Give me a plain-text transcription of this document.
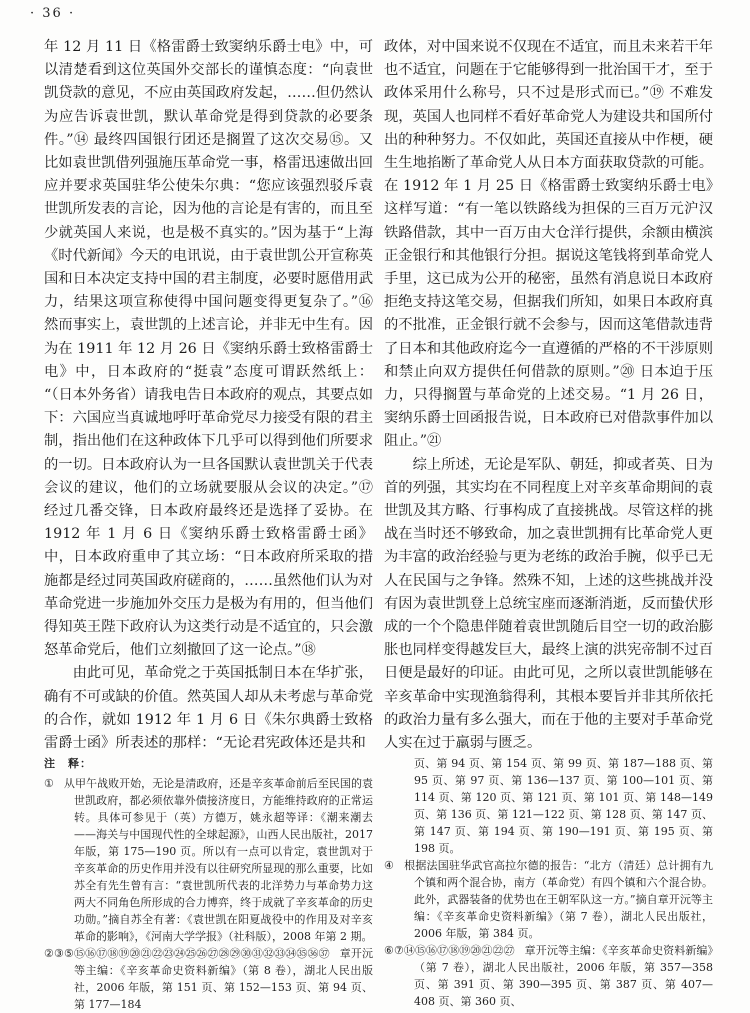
· 36 ·

年 12 月 11 日《格雷爵士致窦纳乐爵士电》中，可以清楚看到这位英国外交部长的谨慎态度：“向袁世凯贷款的意见，不应由英国政府发起，……但仍然认为应告诉袁世凯，默认革命党是得到贷款的必要条件。”⑭ 最终四国银行团还是搁置了这次交易⑮。又比如袁世凯借列强施压革命党一事，格雷迅速做出回应并要求英国驻华公使朱尔典：“您应该强烈驳斥袁世凯所发表的言论，因为他的言论是有害的，而且至少就英国人来说，也是极不真实的。”因为基于“上海《时代新闻》今天的电讯说，由于袁世凯公开宣称英国和日本决定支持中国的君主制度，必要时愿借用武力，结果这项宣称使得中国问题变得更复杂了。”⑯ 然而事实上，袁世凯的上述言论，并非无中生有。因为在 1911 年 12 月 26 日《窦纳乐爵士致格雷爵士电》中，日本政府的“挺袁”态度可谓跃然纸上：“（日本外务省）请我电告日本政府的观点，其要点如下：六国应当真诚地呼吁革命党尽力接受有限的君主制，指出他们在这种政体下几乎可以得到他们所要求的一切。日本政府认为一旦各国默认袁世凯关于代表会议的建议，他们的立场就要服从会议的决定。”⑰ 经过几番交锋，日本政府最终还是选择了妥协。在 1912 年 1 月 6 日《窦纳乐爵士致格雷爵士函》中，日本政府重申了其立场：“日本政府所采取的措施都是经过同英国政府磋商的，……虽然他们认为对革命党进一步施加外交压力是极为有用的，但当他们得知英王陛下政府认为这类行动是不适宜的，只会激怒革命党后，他们立刻撤回了这一论点。”⑱

由此可见，革命党之于英国抵制日本在华扩张，确有不可或缺的价值。然英国人却从未考虑与革命党的合作，就如 1912 年 1 月 6 日《朱尔典爵士致格雷爵士函》所表述的那样：“无论君宪政体还是共和

注　释：

① 从甲午战败开始，无论是清政府，还是辛亥革命前后至民国的袁世凯政府，都必须依靠外债接济度日，方能维持政府的正常运转。具体可参见于（英）方德万，姚永超等译：《潮来潮去——海关与中国现代性的全球起源》，山西人民出版社，2017 年版，第 175—190 页。所以有一点可以肯定，袁世凯对于辛亥革命的历史作用并没有以往研究所显现的那么重要，比如苏全有先生曾有言：“袁世凯所代表的北洋势力与革命势力这两大不同角色所形成的合力博弈，终于成就了辛亥革命的历史功勋。”摘自苏全有著：《袁世凯在阳夏战役中的作用及对辛亥革命的影响》，《河南大学学报》（社科版），2008 年第 2 期。

②③⑤⑮⑯⑰⑱⑲⑳㉑㉒㉓㉔㉕㉖㉗㉘㉙㉚㉛㉜㉝㉞㉟㊱㊲ 章开沅等主编：《辛亥革命史资料新编》（第 8 卷），湖北人民出版社，2006 年版，第 151 页、第 152—153 页、第 94 页、第 177—184

政体，对中国来说不仅现在不适宜，而且未来若干年也不适宜，问题在于它能够得到一批治国干才，至于政体采用什么称号，只不过是形式而已。”⑲ 不难发现，英国人也同样不看好革命党人为建设共和国所付出的种种努力。不仅如此，英国还直接从中作梗，硬生生地掐断了革命党人从日本方面获取贷款的可能。在 1912 年 1 月 25 日《格雷爵士致窦纳乐爵士电》这样写道：“有一笔以铁路线为担保的三百万元沪汉铁路借款，其中一百万由大仓洋行提供，余额由横滨正金银行和其他银行分担。据说这笔钱将到革命党人手里，这已成为公开的秘密，虽然有消息说日本政府拒绝支持这笔交易，但据我们所知，如果日本政府真的不批准，正金银行就不会参与，因而这笔借款违背了日本和其他政府迄今一直遵循的严格的不干涉原则和禁止向双方提供任何借款的原则。”⑳ 日本迫于压力，只得搁置与革命党的上述交易。“1 月 26 日，窦纳乐爵士回函报告说，日本政府已对借款事件加以阻止。”㉑

综上所述，无论是军队、朝廷，抑或者英、日为首的列强，其实均在不同程度上对辛亥革命期间的袁世凯及其方略、行事构成了直接挑战。尽管这样的挑战在当时还不够致命，加之袁世凯拥有比革命党人更为丰富的政治经验与更为老练的政治手腕，似乎已无人在民国与之争锋。然殊不知，上述的这些挑战并没有因为袁世凯登上总统宝座而逐渐消逝，反而蛰伏形成的一个个隐患伴随着袁世凯随后目空一切的政治膨胀也同样变得越发巨大，最终上演的洪宪帝制不过百日便是最好的印证。由此可见，之所以袁世凯能够在辛亥革命中实现渔翁得利，其根本要旨并非其所依托的政治力量有多么强大，而在于他的主要对手革命党人实在过于羸弱与匮乏。

页、第 94 页、第 154 页、第 99 页、第 187—188 页、第 95 页、第 97 页、第 136—137 页、第 100—101 页、第 114 页、第 120 页、第 121 页、第 101 页、第 148—149 页、第 136 页、第 121—122 页、第 128 页、第 147 页、第 147 页、第 194 页、第 190—191 页、第 195 页、第 198 页。

④ 根据法国驻华武官高拉尔德的报告：“北方（清廷）总计拥有九个镇和两个混合协，南方（革命党）有四个镇和六个混合协。此外，武器装备的优势也在王朝军队这一方。”摘自章开沅等主编：《辛亥革命史资料新编》（第 7 卷），湖北人民出版社，2006 年版，第 384 页。

⑥⑦⑭⑮⑯⑰⑱⑲⑳㉑㉒㉗ 章开沅等主编：《辛亥革命史资料新编》（第 7 卷），湖北人民出版社，2006 年版，第 357—358 页、第 391 页、第 390—395 页、第 387 页、第 407—408 页、第 360 页、
